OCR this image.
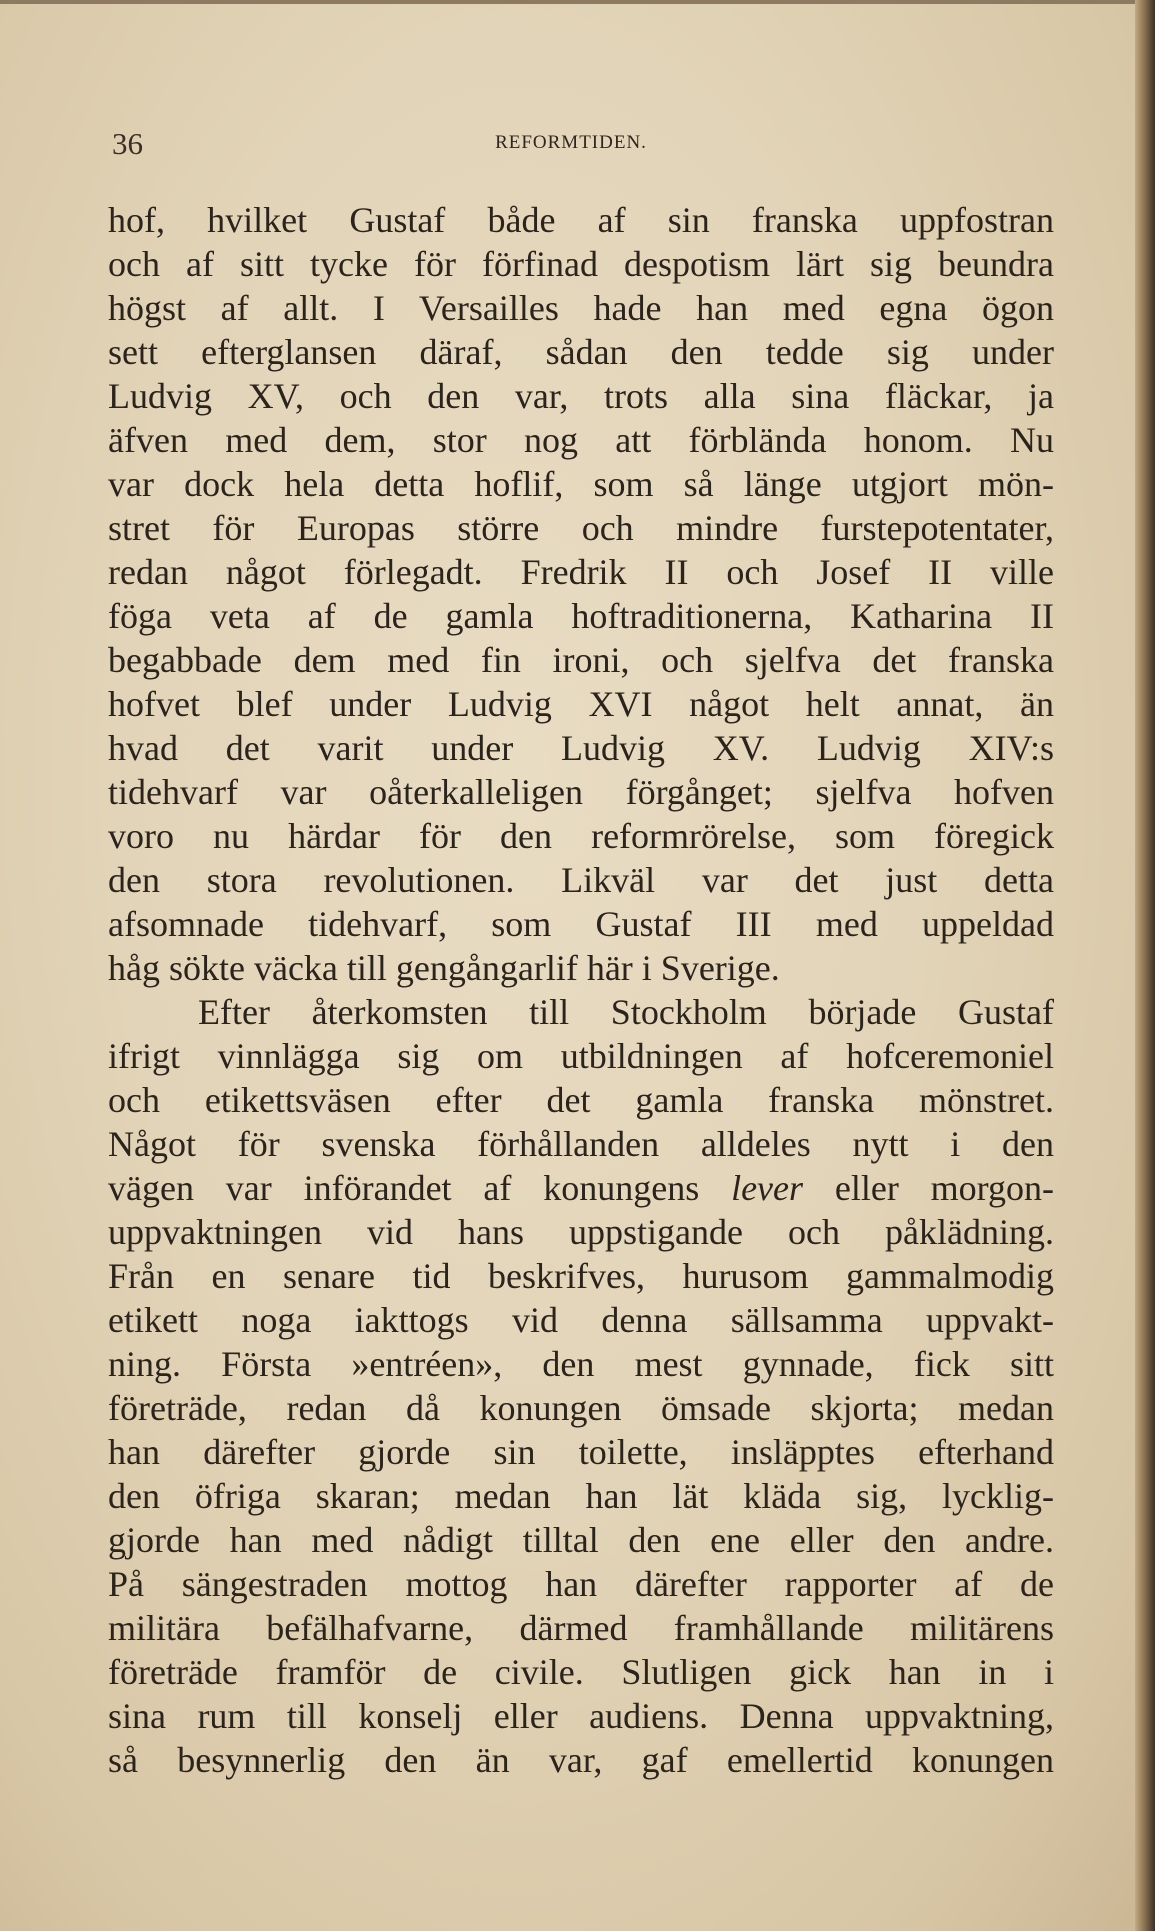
36	REFORMTIDEN.
hof, hvilket Gustaf både af sin franska uppfostran
och af sitt tycke för förfinad despotism lärt sig beundra
högst af allt. I Versailles hade han med egna ögon
sett efterglansen däraf, sådan den tedde sig under
Ludvig XV, och den var, trots alla sina fläckar, ja
äfven med dem, stor nog att förblända honom. Nu
var dock hela detta hoflif, som så länge utgjort mön-
stret för Europas större och mindre furstepotentater,
redan något förlegadt. Fredrik II och Josef II ville
föga veta af de gamla hoftraditionerna, Katharina II
begabbade dem med fin ironi, och sjelfva det franska
hofvet blef under Ludvig XVI något helt annat, än
hvad det varit under Ludvig XV. Ludvig XIV:s
tidehvarf var oåterkalleligen förgånget; sjelfva hofven
voro nu härdar för den reformrörelse, som föregick
den stora revolutionen. Likväl var det just detta
afsomnade tidehvarf, som Gustaf III med uppeldad
håg sökte väcka till gengångarlif här i Sverige.
Efter återkomsten till Stockholm började Gustaf
ifrigt vinnlägga sig om utbildningen af hofceremoniel
och etikettsväsen efter det gamla franska mönstret.
Något för svenska förhållanden alldeles nytt i den
vägen var införandet af konungens lever eller morgon-
uppvaktningen vid hans uppstigande och påklädning.
Från en senare tid beskrifves, hurusom gammalmodig
etikett noga iakttogs vid denna sällsamma uppvakt-
ning. Första »entréen», den mest gynnade, fick sitt
företräde, redan då konungen ömsade skjorta; medan
han därefter gjorde sin toilette, insläpptes efterhand
den öfriga skaran; medan han lät kläda sig, lycklig-
gjorde han med nådigt tilltal den ene eller den andre.
På sängestraden mottog han därefter rapporter af de
militära befälhafvarne, därmed framhållande militärens
företräde framför de civile. Slutligen gick han in i
sina rum till konselj eller audiens. Denna uppvaktning,
så besynnerlig den än var, gaf emellertid konungen
